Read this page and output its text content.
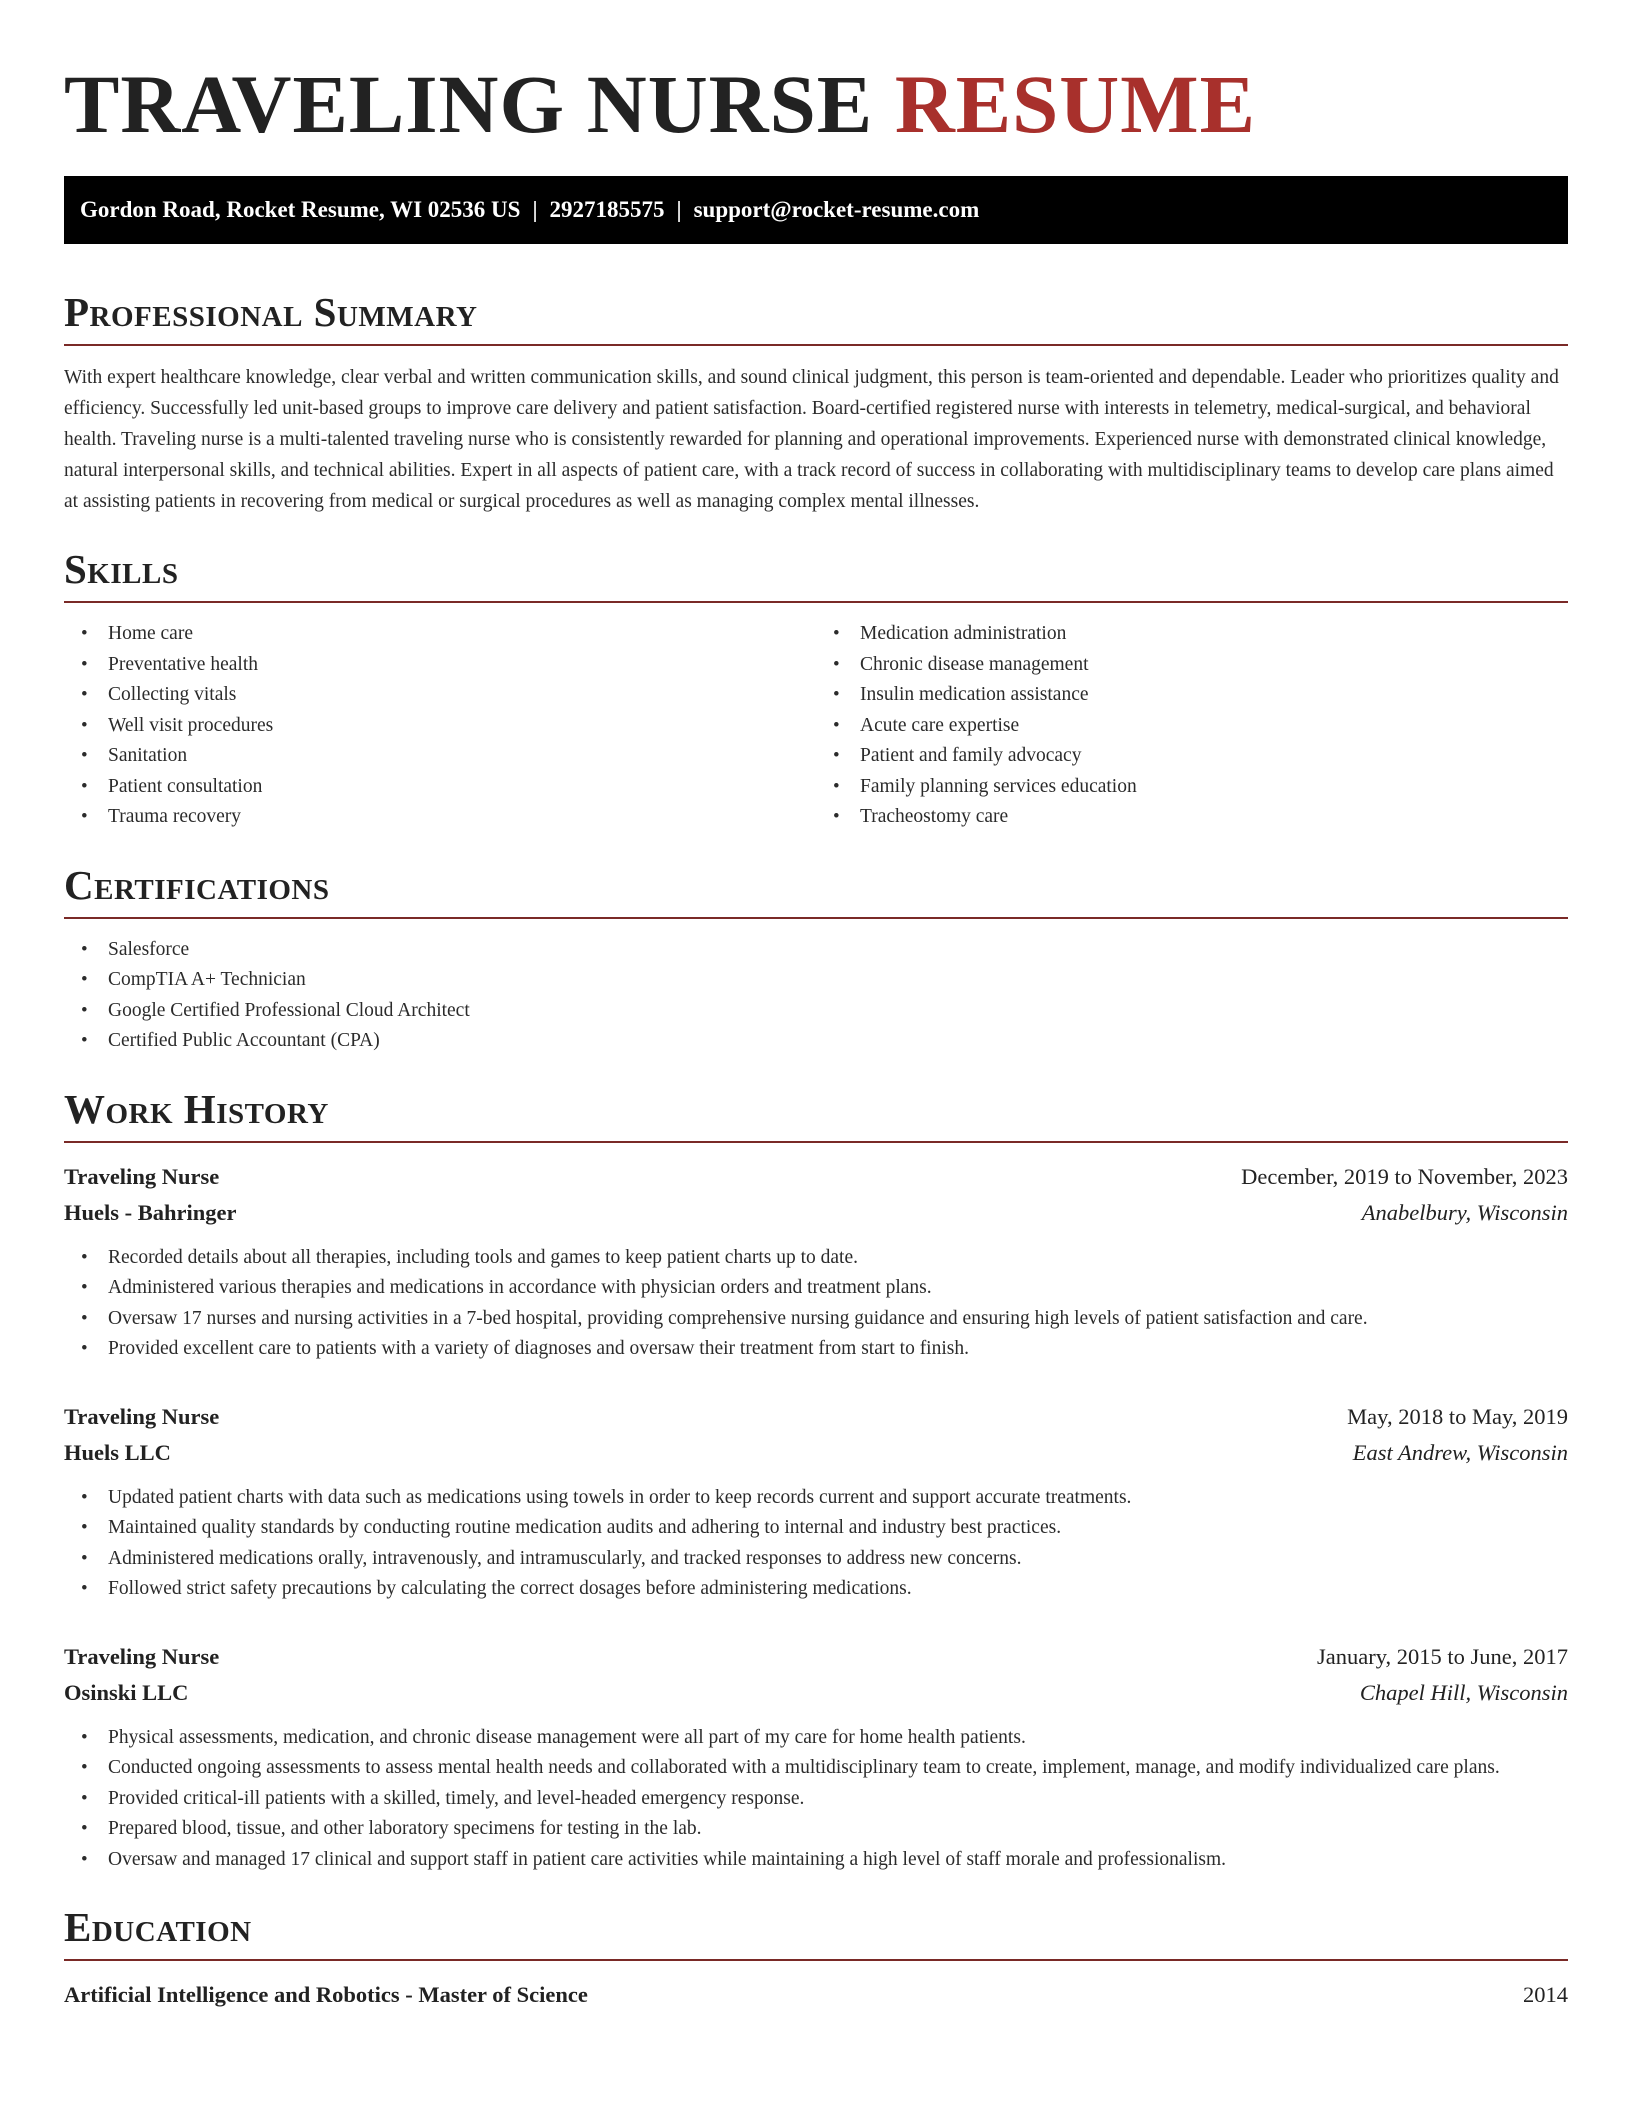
TRAVELING NURSE RESUME
Gordon Road, Rocket Resume, WI 02536 US | 2927185575 | support@rocket-resume.com
Professional Summary

With expert healthcare knowledge, clear verbal and written communication skills, and sound clinical judgment, this person is team-oriented and dependable. Leader who prioritizes quality and efficiency. Successfully led unit-based groups to improve care delivery and patient satisfaction. Board-certified registered nurse with interests in telemetry, medical-surgical, and behavioral health. Traveling nurse is a multi-talented traveling nurse who is consistently rewarded for planning and operational improvements. Experienced nurse with demonstrated clinical knowledge, natural interpersonal skills, and technical abilities. Expert in all aspects of patient care, with a track record of success in collaborating with multidisciplinary teams to develop care plans aimed at assisting patients in recovering from medical or surgical procedures as well as managing complex mental illnesses.

Skills
• Home care
• Preventative health
• Collecting vitals
• Well visit procedures
• Sanitation
• Patient consultation
• Trauma recovery
• Medication administration
• Chronic disease management
• Insulin medication assistance
• Acute care expertise
• Patient and family advocacy
• Family planning services education
• Tracheostomy care
Certifications
• Salesforce
• CompTIA A+ Technician
• Google Certified Professional Cloud Architect
• Certified Public Accountant (CPA)
Work History
Traveling Nurse	December, 2019 to November, 2023
Huels - Bahringer	Anabelbury, Wisconsin
• Recorded details about all therapies, including tools and games to keep patient charts up to date.
• Administered various therapies and medications in accordance with physician orders and treatment plans.
• Oversaw 17 nurses and nursing activities in a 7-bed hospital, providing comprehensive nursing guidance and ensuring high levels of patient satisfaction and care.
• Provided excellent care to patients with a variety of diagnoses and oversaw their treatment from start to finish.
Traveling Nurse	May, 2018 to May, 2019
Huels LLC	East Andrew, Wisconsin
• Updated patient charts with data such as medications using towels in order to keep records current and support accurate treatments.
• Maintained quality standards by conducting routine medication audits and adhering to internal and industry best practices.
• Administered medications orally, intravenously, and intramuscularly, and tracked responses to address new concerns.
• Followed strict safety precautions by calculating the correct dosages before administering medications.
Traveling Nurse	January, 2015 to June, 2017
Osinski LLC	Chapel Hill, Wisconsin
• Physical assessments, medication, and chronic disease management were all part of my care for home health patients.
• Conducted ongoing assessments to assess mental health needs and collaborated with a multidisciplinary team to create, implement, manage, and modify individualized care plans.
• Provided critical-ill patients with a skilled, timely, and level-headed emergency response.
• Prepared blood, tissue, and other laboratory specimens for testing in the lab.
• Oversaw and managed 17 clinical and support staff in patient care activities while maintaining a high level of staff morale and professionalism.
Education
Artificial Intelligence and Robotics - Master of Science	2014
